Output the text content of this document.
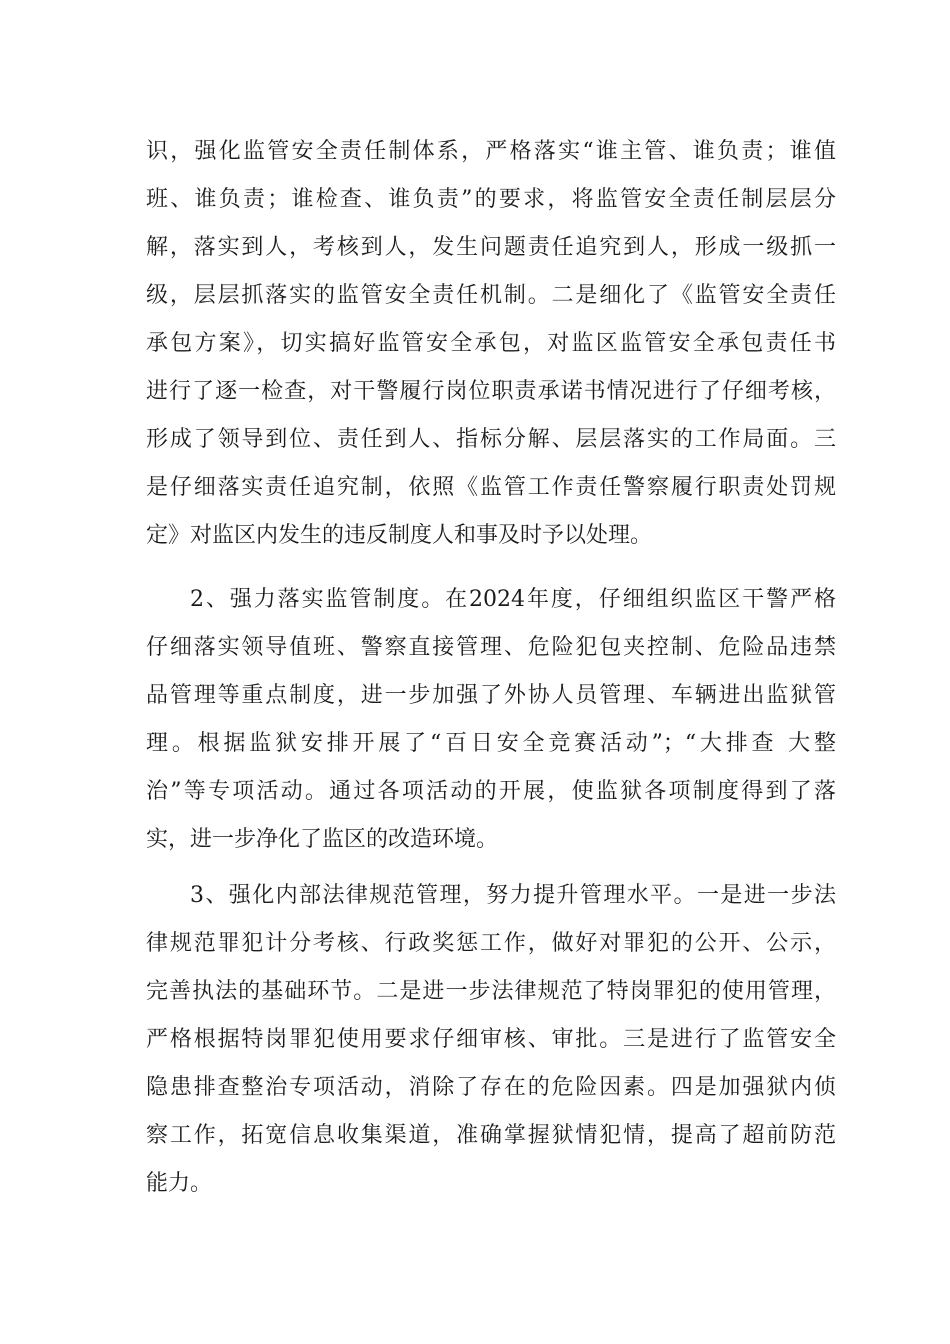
识，强化监管安全责任制体系，严格落实“谁主管、谁负责；谁值
班、谁负责；谁检查、谁负责”的要求，将监管安全责任制层层分
解，落实到人，考核到人，发生问题责任追究到人，形成一级抓一
级，层层抓落实的监管安全责任机制。二是细化了《监管安全责任
承包方案》，切实搞好监管安全承包，对监区监管安全承包责任书
进行了逐一检查，对干警履行岗位职责承诺书情况进行了仔细考核，
形成了领导到位、责任到人、指标分解、层层落实的工作局面。三
是仔细落实责任追究制，依照《监管工作责任警察履行职责处罚规
定》对监区内发生的违反制度人和事及时予以处理。
2、强力落实监管制度。在2024年度，仔细组织监区干警严格
仔细落实领导值班、警察直接管理、危险犯包夹控制、危险品违禁
品管理等重点制度，进一步加强了外协人员管理、车辆进出监狱管
理。根据监狱安排开展了“百日安全竞赛活动”；“大排查 大整
治”等专项活动。通过各项活动的开展，使监狱各项制度得到了落
实，进一步净化了监区的改造环境。
3、强化内部法律规范管理，努力提升管理水平。一是进一步法
律规范罪犯计分考核、行政奖惩工作，做好对罪犯的公开、公示，
完善执法的基础环节。二是进一步法律规范了特岗罪犯的使用管理，
严格根据特岗罪犯使用要求仔细审核、审批。三是进行了监管安全
隐患排查整治专项活动，消除了存在的危险因素。四是加强狱内侦
察工作，拓宽信息收集渠道，准确掌握狱情犯情，提高了超前防范
能力。
